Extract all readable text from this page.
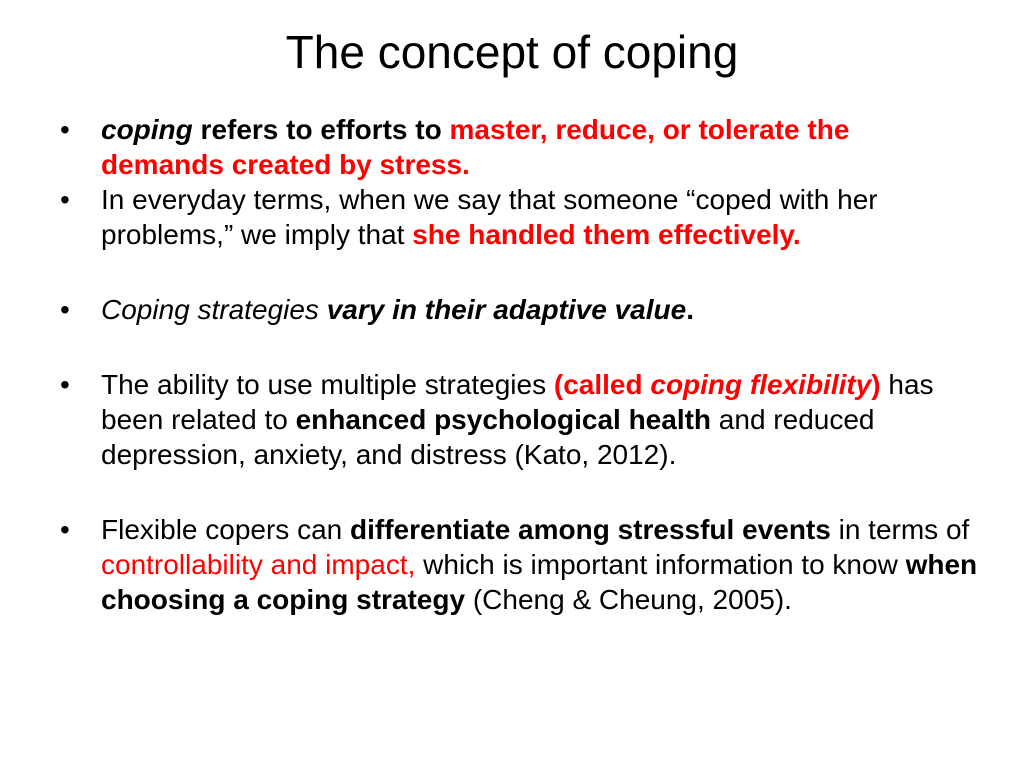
The concept of coping
• coping refers to efforts to master, reduce, or tolerate the demands created by stress.
• In everyday terms, when we say that someone “coped with her problems,” we imply that she handled them effectively.
• Coping strategies vary in their adaptive value.
• The ability to use multiple strategies (called coping flexibility) has been related to enhanced psychological health and reduced depression, anxiety, and distress (Kato, 2012).
• Flexible copers can differentiate among stressful events in terms of controllability and impact, which is important information to know when choosing a coping strategy (Cheng & Cheung, 2005).
